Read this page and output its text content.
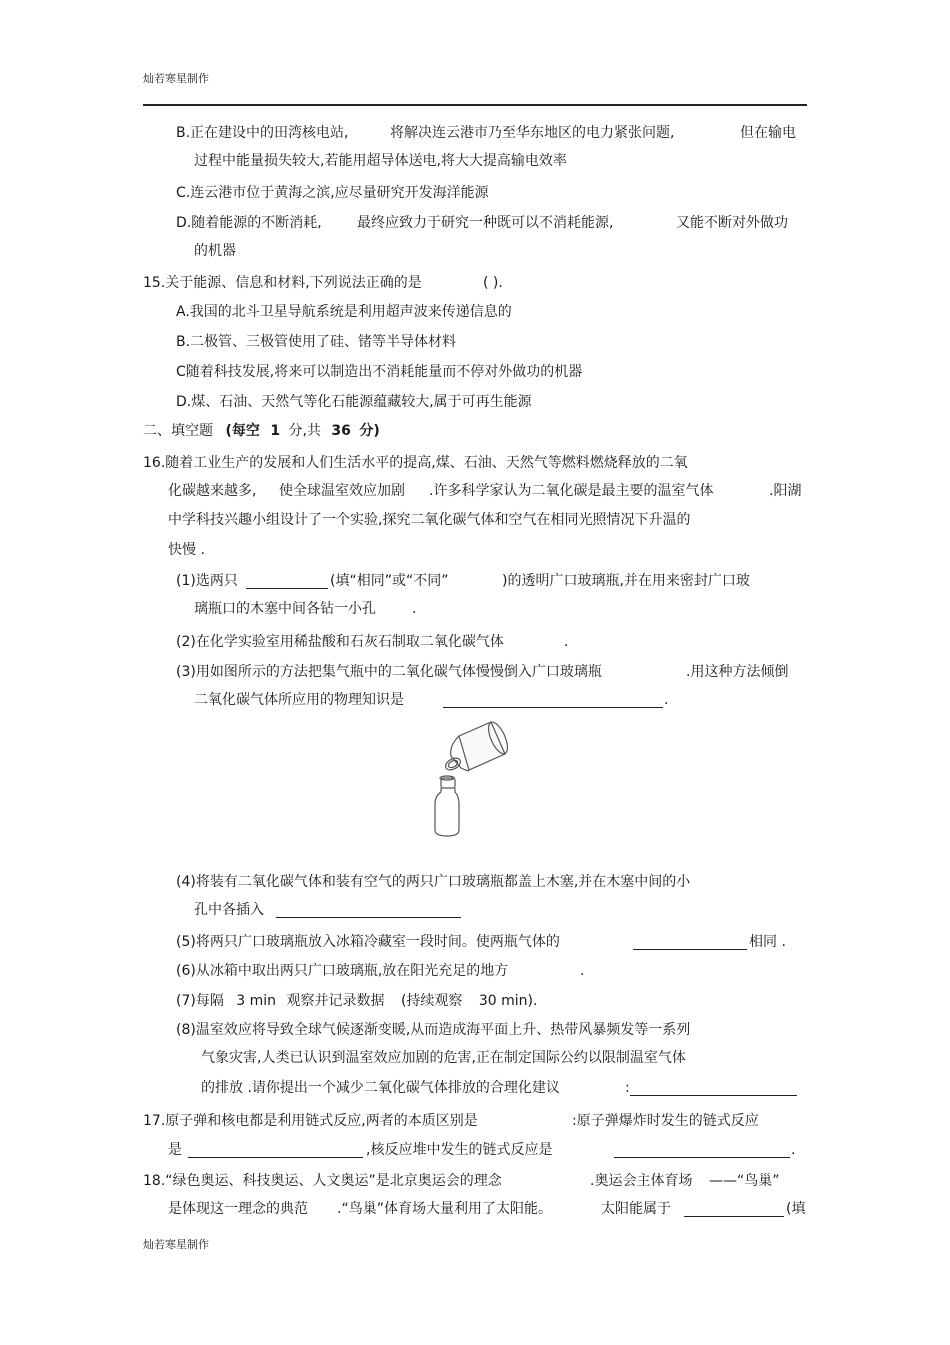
灿若寒星制作
B.正在建设中的田湾核电站,	将解决连云港市乃至华东地区的电力紧张问题,	但在输电
过程中能量损失较大,若能用超导体送电,将大大提高输电效率
C.连云港市位于黄海之滨,应尽量研究开发海洋能源
D.随着能源的不断消耗,	最终应致力于研究一种既可以不消耗能源,	又能不断对外做功
的机器
15.关于能源、信息和材料,下列说法正确的是	( ).
A.我国的北斗卫星导航系统是利用超声波来传递信息的
B.二极管、三极管使用了硅、锗等半导体材料
C随着科技发展,将来可以制造出不消耗能量而不停对外做功的机器
D.煤、石油、天然气等化石能源蕴藏较大,属于可再生能源
二、填空题 (每空 1 分,共 36 分)
16.随着工业生产的发展和人们生活水平的提高,煤、石油、天然气等燃料燃烧释放的二氧
化碳越来越多, 使全球温室效应加剧 .许多科学家认为二氧化碳是最主要的温室气体	.阳湖
中学科技兴趣小组设计了一个实验,探究二氧化碳气体和空气在相同光照情况下升温的
快慢 .
(1)选两只	(填“相同”或“不同”	)的透明广口玻璃瓶,并在用来密封广口玻
璃瓶口的木塞中间各钻一小孔	.
(2)在化学实验室用稀盐酸和石灰石制取二氧化碳气体	.
(3)用如图所示的方法把集气瓶中的二氧化碳气体慢慢倒入广口玻璃瓶	.用这种方法倾倒
二氧化碳气体所应用的物理知识是	.
(4)将装有二氧化碳气体和装有空气的两只广口玻璃瓶都盖上木塞,并在木塞中间的小
孔中各插入
(5)将两只广口玻璃瓶放入冰箱冷藏室一段时间。使两瓶气体的	相同 .
(6)从冰箱中取出两只广口玻璃瓶,放在阳光充足的地方	.
(7)每隔 3 min 观察并记录数据 (持续观察 30 min).
(8)温室效应将导致全球气候逐渐变暖,从而造成海平面上升、热带风暴频发等一系列
气象灾害,人类已认识到温室效应加剧的危害,正在制定国际公约以限制温室气体
的排放 .请你提出一个减少二氧化碳气体排放的合理化建议	:
17.原子弹和核电都是利用链式反应,两者的本质区别是	:原子弹爆炸时发生的链式反应
是	,核反应堆中发生的链式反应是	.
18.“绿色奥运、科技奥运、人文奥运”是北京奥运会的理念	.奥运会主体育场 ——“鸟巢”
是体现这一理念的典范 .“鸟巢”体育场大量利用了太阳能。	太阳能属于	(填
灿若寒星制作
